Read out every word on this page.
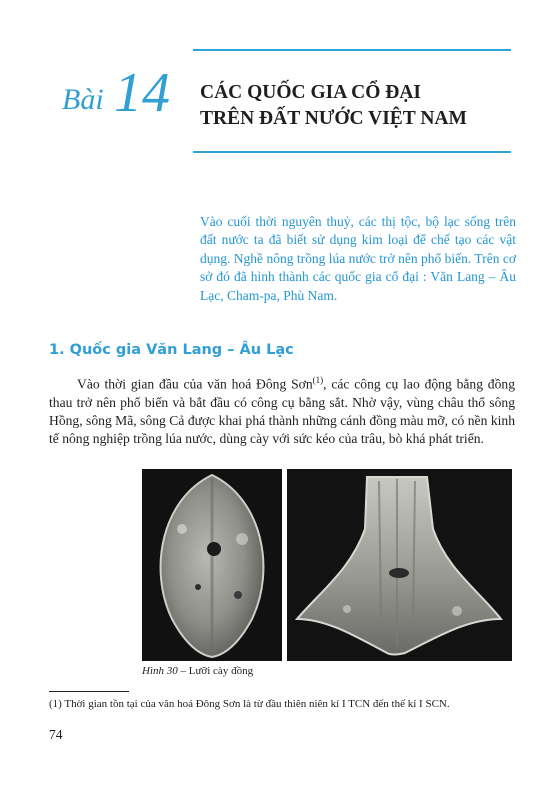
Bài 14 CÁC QUỐC GIA CỔ ĐẠI
TRÊN ĐẤT NƯỚC VIỆT NAM
Vào cuối thời nguyên thuỷ, các thị tộc, bộ lạc sống trên đất nước ta đã biết sử dụng kim loại để chế tạo các vật dụng. Nghề nông trồng lúa nước trở nên phổ biến. Trên cơ sở đó đã hình thành các quốc gia cổ đại : Văn Lang – Âu Lạc, Cham-pa, Phù Nam.
1. Quốc gia Văn Lang – Âu Lạc

Vào thời gian đầu của văn hoá Đông Sơn$^{(1)}$, các công cụ lao động bằng đồng thau trở nên phổ biến và bắt đầu có công cụ bằng sắt. Nhờ vậy, vùng châu thổ sông Hồng, sông Mã, sông Cả được khai phá thành những cánh đồng màu mỡ, có nền kinh tế nông nghiệp trồng lúa nước, dùng cày với sức kéo của trâu, bò khá phát triển.

Hình 30 – Lưỡi cày đồng
(1) Thời gian tồn tại của văn hoá Đông Sơn là từ đầu thiên niên kỉ I TCN đến thế kỉ I SCN.
74
